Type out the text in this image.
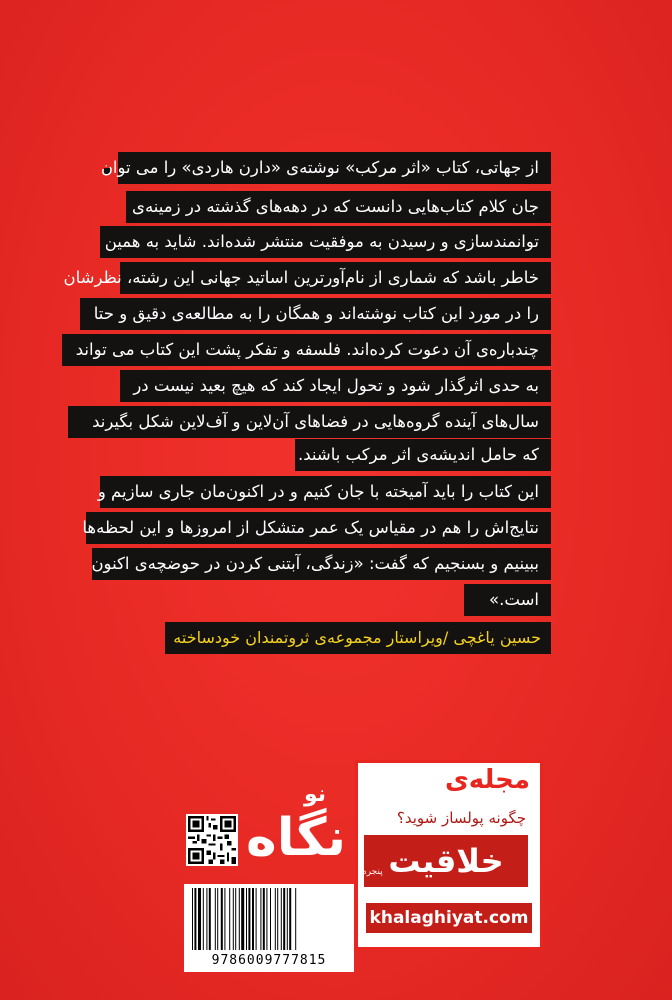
از جهاتی، کتاب «اثر مرکب» نوشته‌ی «دارن هاردی» را می توان
جان کلام کتاب‌هایی دانست که در دهه‌های گذشته در زمینه‌ی
توانمندسازی و رسیدن به موفقیت منتشر شده‌اند. شاید به همین
خاطر باشد که شماری از نام‌آورترین اساتید جهانی این رشته، نظرشان
را در مورد این کتاب نوشته‌اند و همگان را به مطالعه‌ی دقیق و حتا
چندباره‌ی آن دعوت کرده‌اند. فلسفه و تفکر پشت این کتاب می تواند
به حدی اثرگذار شود و تحول ایجاد کند که هیچ بعید نیست در
سال‌های آینده گروه‌هایی در فضاهای آن‌لاین و آف‌لاین شکل بگیرند
که حامل اندیشه‌ی اثر مرکب باشند.
این کتاب را باید آمیخته با جان کنیم و در اکنون‌مان جاری سازیم و
نتایج‌اش را هم در مقیاس یک عمر متشکل از امروزها و این لحظه‌ها
ببینیم و بسنجیم که گفت: «زندگی، آبتنی کردن در حوضچه‌ی اکنون
است.»
حسین یاغچی /ویراستار مجموعه‌ی ثروتمندان خودساخته
نو
نگاه
9786009777815
مجله‌ی
چگونه پولساز شوید؟
خلاقیت
پنجره
khalaghiyat.com
